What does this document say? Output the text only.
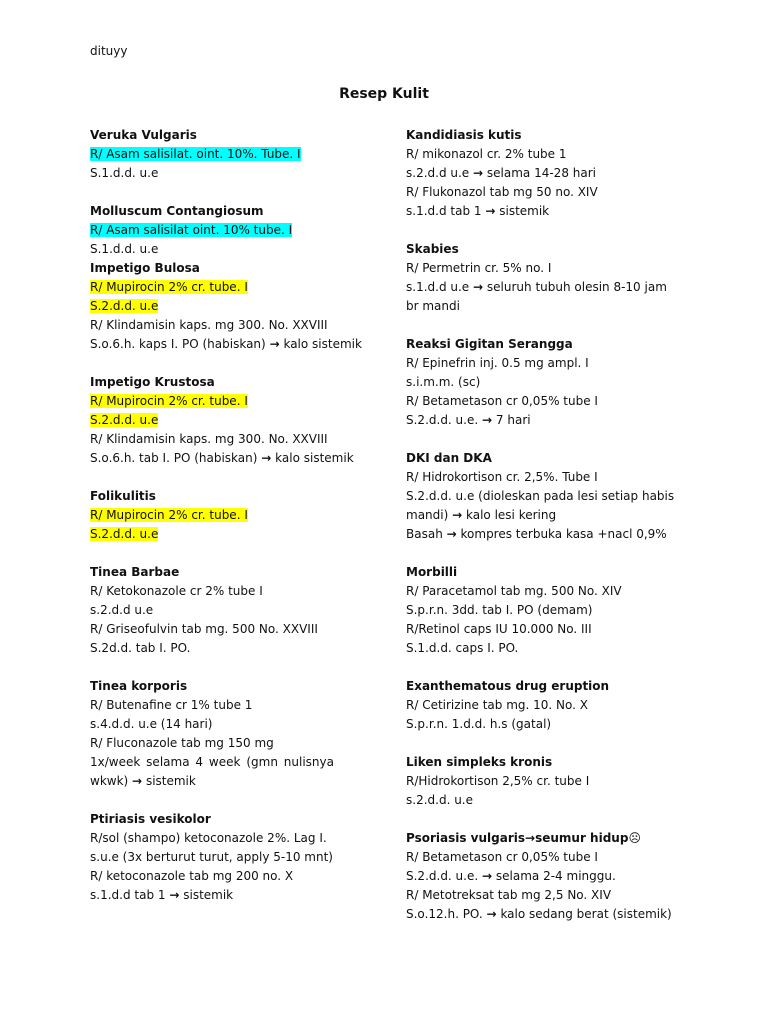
dituyy
Resep Kulit
Veruka Vulgaris
R/ Asam salisilat. oint. 10%. Tube. I
S.1.d.d. u.e
Molluscum Contangiosum
R/ Asam salisilat oint. 10% tube. I
S.1.d.d. u.e
Impetigo Bulosa
R/ Mupirocin 2% cr. tube. I
S.2.d.d. u.e
R/ Klindamisin kaps. mg 300. No. XXVIII
S.o.6.h. kaps I. PO (habiskan) → kalo sistemik
Impetigo Krustosa
R/ Mupirocin 2% cr. tube. I
S.2.d.d. u.e
R/ Klindamisin kaps. mg 300. No. XXVIII
S.o.6.h. tab I. PO (habiskan) → kalo sistemik
Folikulitis
R/ Mupirocin 2% cr. tube. I
S.2.d.d. u.e
Tinea Barbae
R/ Ketokonazole cr 2% tube I
s.2.d.d u.e
R/ Griseofulvin tab mg. 500 No. XXVIII
S.2d.d. tab I. PO.
Tinea korporis
R/ Butenafine cr 1% tube 1
s.4.d.d. u.e (14 hari)
R/ Fluconazole tab mg 150 mg
1x/week selama 4 week (gmn nulisnya wkwk) → sistemik
Ptiriasis vesikolor
R/sol (shampo) ketoconazole 2%. Lag I.
s.u.e (3x berturut turut, apply 5-10 mnt)
R/ ketoconazole tab mg 200 no. X
s.1.d.d tab 1 → sistemik
Kandidiasis kutis
R/ mikonazol cr. 2% tube 1
s.2.d.d u.e → selama 14-28 hari
R/ Flukonazol tab mg 50 no. XIV
s.1.d.d tab 1 → sistemik
Skabies
R/ Permetrin cr. 5% no. I
s.1.d.d u.e → seluruh tubuh olesin 8-10 jam br mandi
Reaksi Gigitan Serangga
R/ Epinefrin inj. 0.5 mg ampl. I
s.i.m.m. (sc)
R/ Betametason cr 0,05% tube I
S.2.d.d. u.e. → 7 hari
DKI dan DKA
R/ Hidrokortison cr. 2,5%. Tube I
S.2.d.d. u.e (dioleskan pada lesi setiap habis mandi) → kalo lesi kering
Basah → kompres terbuka kasa +nacl 0,9%
Morbilli
R/ Paracetamol tab mg. 500 No. XIV
S.p.r.n. 3dd. tab I. PO (demam)
R/Retinol caps IU 10.000 No. III
S.1.d.d. caps I. PO.
Exanthematous drug eruption
R/ Cetirizine tab mg. 10. No. X
S.p.r.n. 1.d.d. h.s (gatal)
Liken simpleks kronis
R/Hidrokortison 2,5% cr. tube I
s.2.d.d. u.e
Psoriasis vulgaris→seumur hidup☹
R/ Betametason cr 0,05% tube I
S.2.d.d. u.e. → selama 2-4 minggu.
R/ Metotreksat tab mg 2,5 No. XIV
S.o.12.h. PO. → kalo sedang berat (sistemik)
